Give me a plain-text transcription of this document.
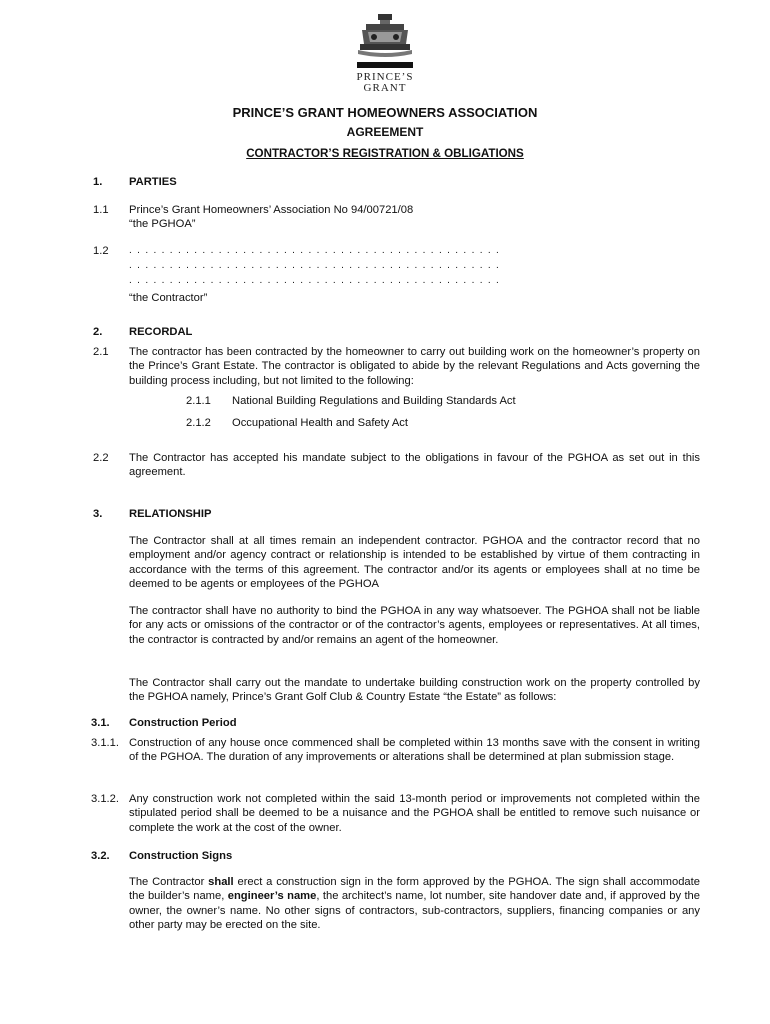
PRINCE’S
GRANT
PRINCE’S GRANT HOMEOWNERS ASSOCIATION
AGREEMENT
CONTRACTOR’S REGISTRATION & OBLIGATIONS
1. PARTIES
1.1 Prince’s Grant Homeowners’ Association No 94/00721/08
“the PGHOA”
1.2 . . . . . . . . . . . . . . . . . . . . . . . . . . . . . . . . . . . . . . . . . . . . . .
. . . . . . . . . . . . . . . . . . . . . . . . . . . . . . . . . . . . . . . . . . . . . .
. . . . . . . . . . . . . . . . . . . . . . . . . . . . . . . . . . . . . . . . . . . . . .
“the Contractor”
2. RECORDAL
2.1 The contractor has been contracted by the homeowner to carry out building work on the homeowner’s property on the Prince’s Grant Estate. The contractor is obligated to abide by the relevant Regulations and Acts governing the building process including, but not limited to the following:
2.1.1 National Building Regulations and Building Standards Act
2.1.2 Occupational Health and Safety Act
2.2 The Contractor has accepted his mandate subject to the obligations in favour of the PGHOA as set out in this agreement.
3. RELATIONSHIP
The Contractor shall at all times remain an independent contractor. PGHOA and the contractor record that no employment and/or agency contract or relationship is intended to be established by virtue of them contracting in accordance with the terms of this agreement. The contractor and/or its agents or employees shall at no time be deemed to be agents or employees of the PGHOA
The contractor shall have no authority to bind the PGHOA in any way whatsoever. The PGHOA shall not be liable for any acts or omissions of the contractor or of the contractor’s agents, employees or representatives. At all times, the contractor is contracted by and/or remains an agent of the homeowner.
The Contractor shall carry out the mandate to undertake building construction work on the property controlled by the PGHOA namely, Prince’s Grant Golf Club & Country Estate “the Estate” as follows:
3.1. Construction Period
3.1.1. Construction of any house once commenced shall be completed within 13 months save with the consent in writing of the PGHOA. The duration of any improvements or alterations shall be determined at plan submission stage.
3.1.2. Any construction work not completed within the said 13-month period or improvements not completed within the stipulated period shall be deemed to be a nuisance and the PGHOA shall be entitled to remove such nuisance or complete the work at the cost of the owner.
3.2. Construction Signs
The Contractor shall erect a construction sign in the form approved by the PGHOA. The sign shall accommodate the builder’s name, engineer’s name, the architect’s name, lot number, site handover date and, if approved by the owner, the owner’s name. No other signs of contractors, sub-contractors, suppliers, financing companies or any other party may be erected on the site.
